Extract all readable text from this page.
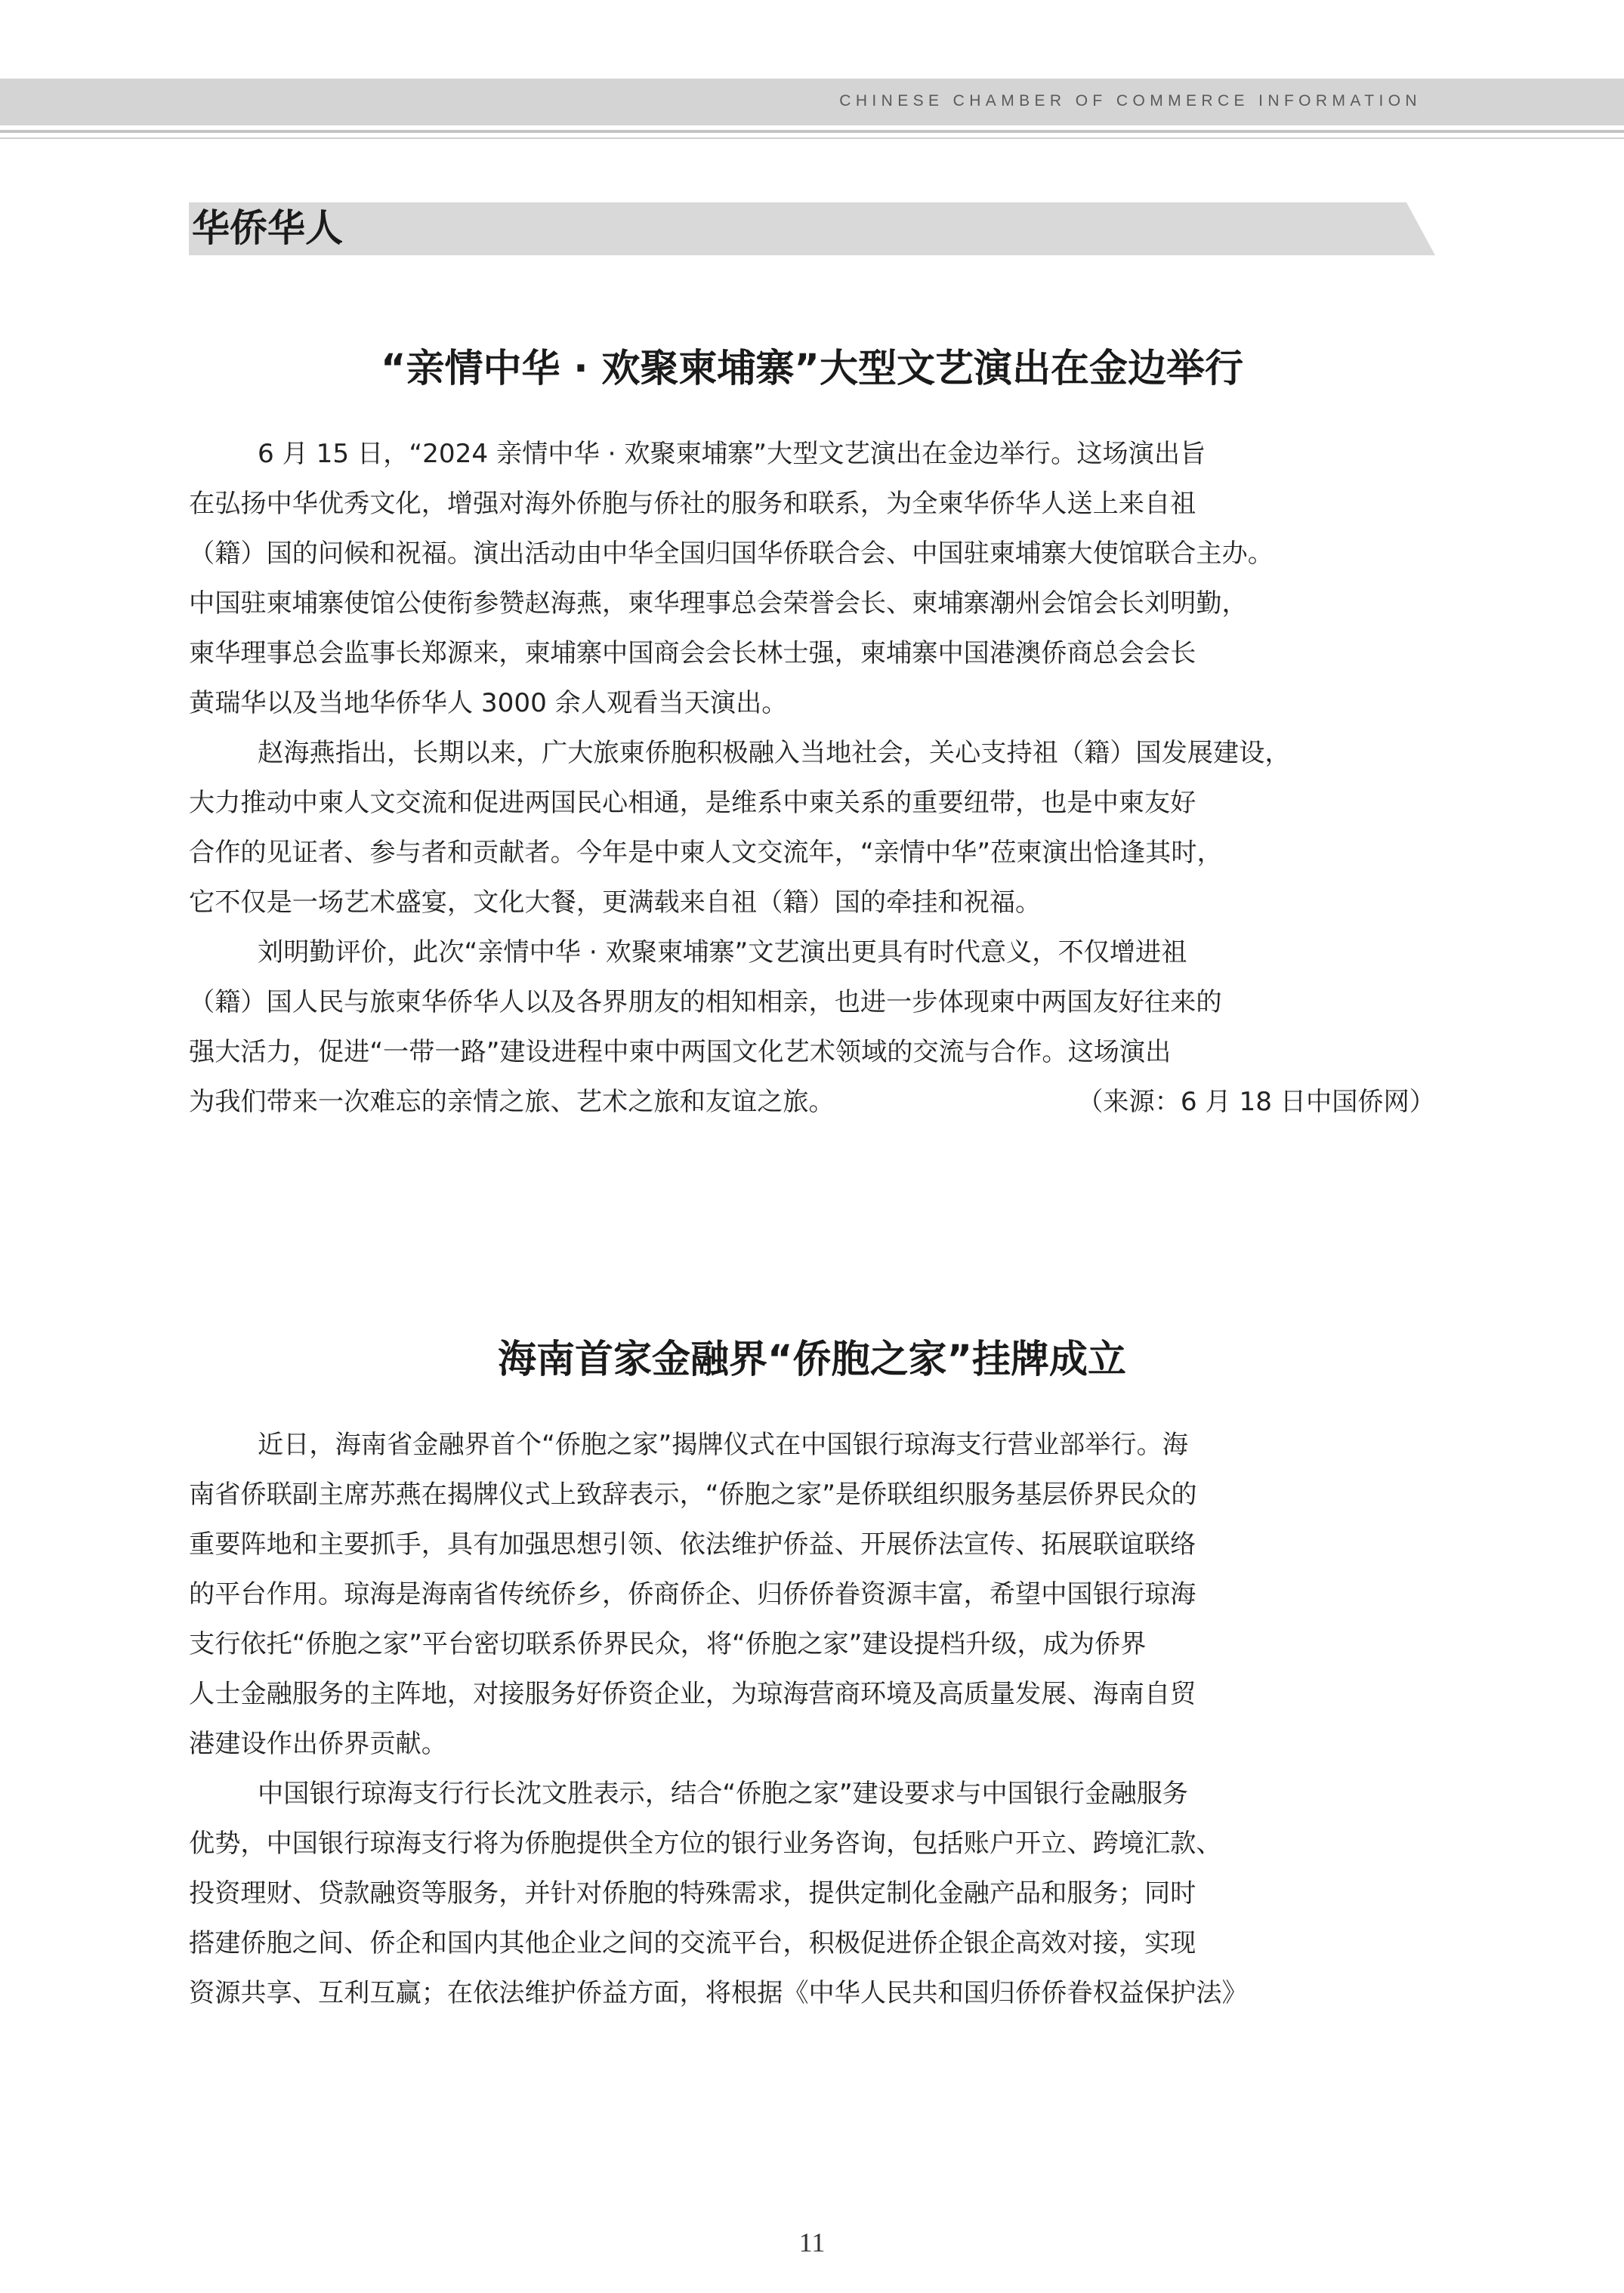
CHINESE CHAMBER OF COMMERCE INFORMATION
华侨华人
“亲情中华 · 欢聚柬埔寨”大型文艺演出在金边举行
6 月 15 日，“2024 亲情中华 · 欢聚柬埔寨”大型文艺演出在金边举行。这场演出旨
在弘扬中华优秀文化，增强对海外侨胞与侨社的服务和联系，为全柬华侨华人送上来自祖
（籍）国的问候和祝福。演出活动由中华全国归国华侨联合会、中国驻柬埔寨大使馆联合主办。
中国驻柬埔寨使馆公使衔参赞赵海燕，柬华理事总会荣誉会长、柬埔寨潮州会馆会长刘明勤，
柬华理事总会监事长郑源来，柬埔寨中国商会会长林士强，柬埔寨中国港澳侨商总会会长
黄瑞华以及当地华侨华人 3000 余人观看当天演出。
赵海燕指出，长期以来，广大旅柬侨胞积极融入当地社会，关心支持祖（籍）国发展建设，
大力推动中柬人文交流和促进两国民心相通，是维系中柬关系的重要纽带，也是中柬友好
合作的见证者、参与者和贡献者。今年是中柬人文交流年，“亲情中华”莅柬演出恰逢其时，
它不仅是一场艺术盛宴，文化大餐，更满载来自祖（籍）国的牵挂和祝福。
刘明勤评价，此次“亲情中华 · 欢聚柬埔寨”文艺演出更具有时代意义，不仅增进祖
（籍）国人民与旅柬华侨华人以及各界朋友的相知相亲，也进一步体现柬中两国友好往来的
强大活力，促进“一带一路”建设进程中柬中两国文化艺术领域的交流与合作。这场演出
为我们带来一次难忘的亲情之旅、艺术之旅和友谊之旅。	（来源：6 月 18 日中国侨网）
海南首家金融界“侨胞之家”挂牌成立
近日，海南省金融界首个“侨胞之家”揭牌仪式在中国银行琼海支行营业部举行。海
南省侨联副主席苏燕在揭牌仪式上致辞表示，“侨胞之家”是侨联组织服务基层侨界民众的
重要阵地和主要抓手，具有加强思想引领、依法维护侨益、开展侨法宣传、拓展联谊联络
的平台作用。琼海是海南省传统侨乡，侨商侨企、归侨侨眷资源丰富，希望中国银行琼海
支行依托“侨胞之家”平台密切联系侨界民众，将“侨胞之家”建设提档升级，成为侨界
人士金融服务的主阵地，对接服务好侨资企业，为琼海营商环境及高质量发展、海南自贸
港建设作出侨界贡献。
中国银行琼海支行行长沈文胜表示，结合“侨胞之家”建设要求与中国银行金融服务
优势，中国银行琼海支行将为侨胞提供全方位的银行业务咨询，包括账户开立、跨境汇款、
投资理财、贷款融资等服务，并针对侨胞的特殊需求，提供定制化金融产品和服务；同时
搭建侨胞之间、侨企和国内其他企业之间的交流平台，积极促进侨企银企高效对接，实现
资源共享、互利互赢；在依法维护侨益方面，将根据《中华人民共和国归侨侨眷权益保护法》
11
